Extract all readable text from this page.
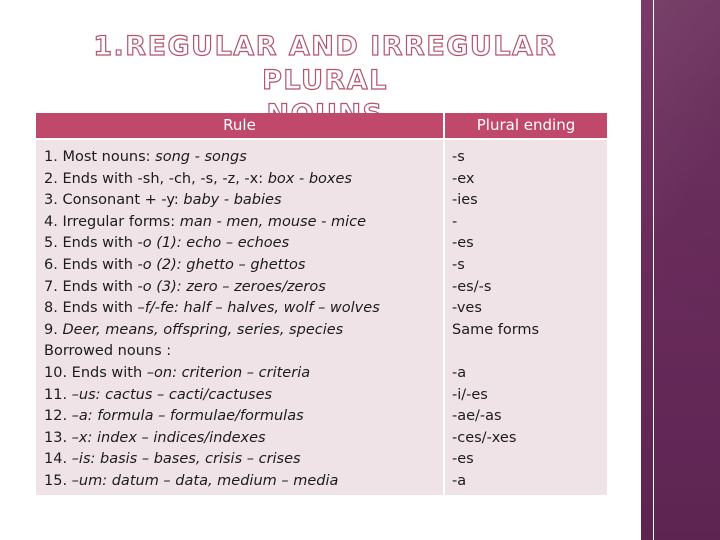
1.REGULAR AND IRREGULAR PLURAL

Rule	Plural ending
1. Most nouns: song - songs
2. Ends with -sh, -ch, -s, -z, -x: box - boxes
3. Consonant + -y: baby - babies
4. Irregular forms: man - men, mouse - mice
5. Ends with -o (1): echo – echoes
6. Ends with -o (2): ghetto – ghettos
7. Ends with -o (3): zero – zeroes/zeros
8. Ends with –f/-fe: half – halves, wolf – wolves
9. Deer, means, offspring, series, species
Borrowed nouns :
10. Ends with –on: criterion – criteria
11. –us: cactus – cacti/cactuses
12. –a: formula – formulae/formulas
13. –x: index – indices/indexes
14. –is: basis – bases, crisis – crises
15. –um: datum – data, medium – media
-s
-ex
-ies
-
-es
-s
-es/-s
-ves
Same forms
-a
-i/-es
-ae/-as
-ces/-xes
-es
-a
